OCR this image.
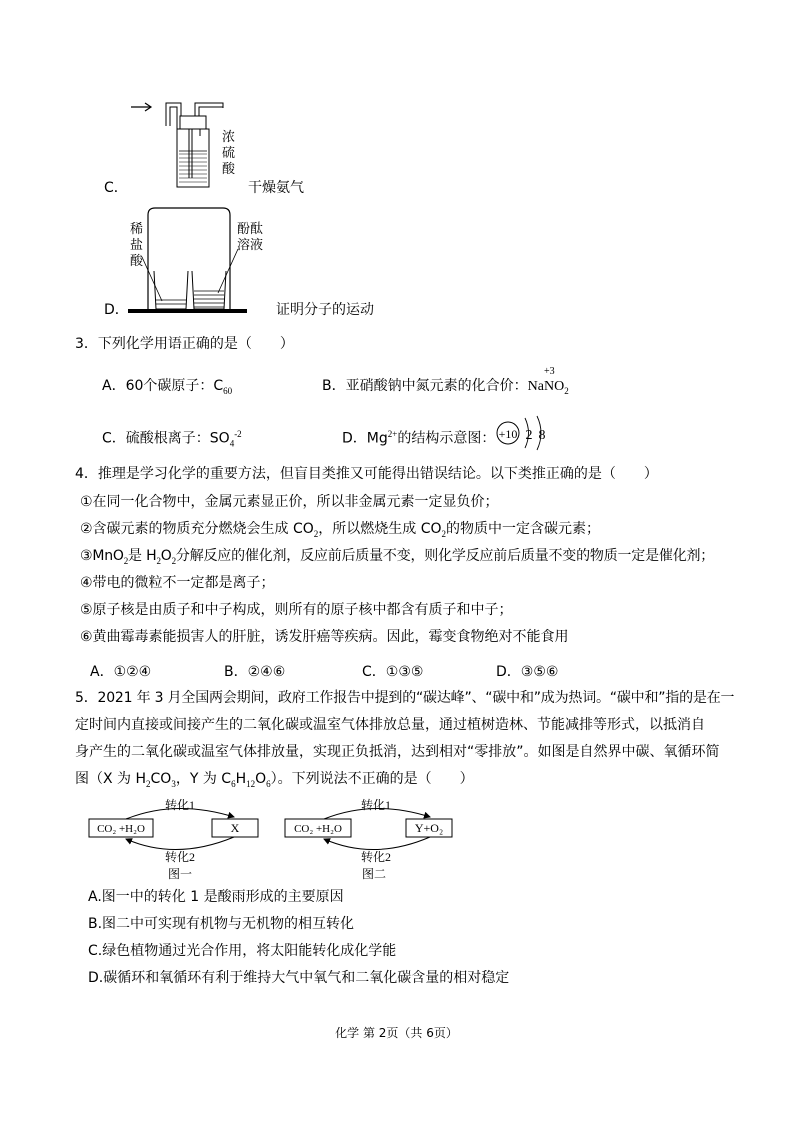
C．
浓硫酸
干燥氨气
稀盐酸
酚酞溶液
D．	证明分子的运动
3．下列化学用语正确的是（　　）
A．60个碳原子：$C_{60}$	B．亚硝酸钠中氮元素的化合价：Na
+3
$NO_2$
C．硫酸根离子：$SO_4^{-2}$	D．$Mg^{2+}$的结构示意图： +10 2 8
4．推理是学习化学的重要方法，但盲目类推又可能得出错误结论。以下类推正确的是（　　）
①在同一化合物中，金属元素显正价，所以非金属元素一定显负价；
②含碳元素的物质充分燃烧会生成 $CO_2$，所以燃烧生成 $CO_2$的物质中一定含碳元素；
③MnO$_2$是 $H_2O_2$分解反应的催化剂，反应前后质量不变，则化学反应前后质量不变的物质一定是催化剂；
④带电的微粒不一定都是离子；
⑤原子核是由质子和中子构成，则所有的原子核中都含有质子和中子；
⑥黄曲霉毒素能损害人的肝脏，诱发肝癌等疾病。因此，霉变食物绝对不能食用
A．①②④	B．②④⑥	C．①③⑤	D．③⑤⑥
5．2021 年 3 月全国两会期间，政府工作报告中提到的“碳达峰”、“碳中和”成为热词。“碳中和”指的是在一
定时间内直接或间接产生的二氧化碳或温室气体排放总量，通过植树造林、节能减排等形式，以抵消自
身产生的二氧化碳或温室气体排放量，实现正负抵消，达到相对“零排放”。如图是自然界中碳、氧循环简
图（X 为 $H_2CO_3$，Y 为 $C_6H_{12}O_6$）。下列说法不正确的是（　　）
CO₂ +H₂O	X
转化1
转化2
图一
CO₂ +H₂O	Y+O₂
转化1
转化2
图二
A.图一中的转化 1 是酸雨形成的主要原因
B.图二中可实现有机物与无机物的相互转化
C.绿色植物通过光合作用，将太阳能转化成化学能
D.碳循环和氧循环有利于维持大气中氧气和二氧化碳含量的相对稳定
化学 第 2页（共 6页）
